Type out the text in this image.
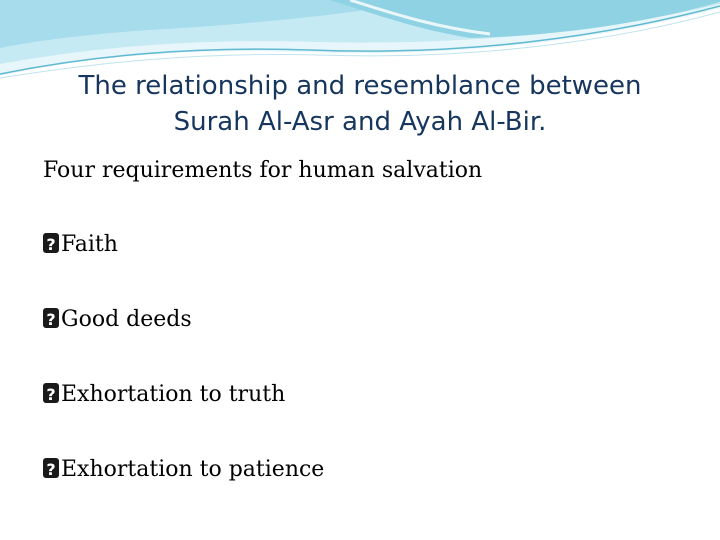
The relationship and resemblance between
Surah Al-Asr and Ayah Al-Bir.
Four requirements for human salvation
?Faith
?Good deeds
?Exhortation to truth
?Exhortation to patience
